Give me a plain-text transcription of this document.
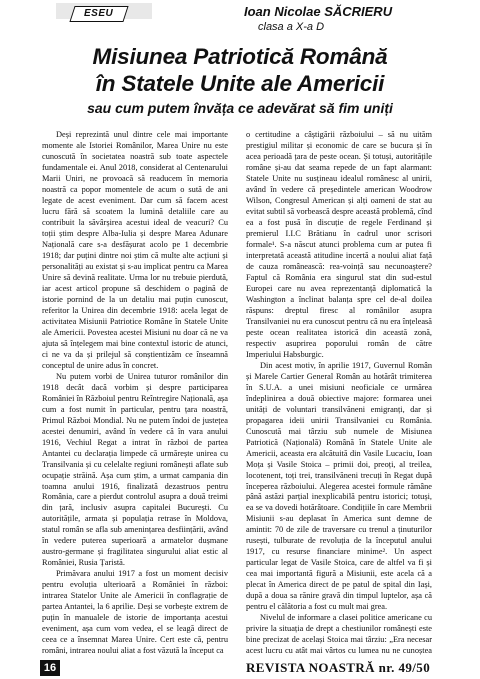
ESEU	Ioan Nicolae SĂCRIERU
clasa a X-a D
Misiunea Patriotică Română
în Statele Unite ale Americii
sau cum putem învăța ce adevărat să fim uniți

Deși reprezintă unul dintre cele mai importante momente ale Istoriei Românilor, Marea Unire nu este cunoscută în societatea noastră sub toate aspectele fundamentale ei. Anul 2018, considerat al Centenarului Marii Uniri, ne provoacă să readucem în memoria noastră ca popor momentele de acum o sută de ani legate de acest eveniment. Dar cum să facem acest lucru fără să scoatem la lumină detaliile care au contribuit la săvârșirea acestui ideal de veacuri? Cu toții știm despre Alba-Iulia și despre Marea Adunare Națională care s-a desfășurat acolo pe 1 decembrie 1918; dar puțini dintre noi știm că multe alte acțiuni și personalități au existat și s-au implicat pentru ca Marea Unire să devină realitate. Urma lor nu trebuie pierdută, iar acest articol propune să deschidem o pagină de istorie pornind de la un detaliu mai puțin cunoscut, referitor la Unirea din decembrie 1918: acela legat de activitatea Misiunii Patriotice Române în Statele Unite ale Americii. Povestea acestei Misiuni nu doar că ne va ajuta să înțelegem mai bine contextul istoric de atunci, ci ne va da și prilejul să conștientizăm ce înseamnă conceptul de unire adus în concret.

Nu putem vorbi de Unirea tuturor românilor din 1918 decât dacă vorbim și despre participarea României în Războiul pentru Reîntregire Națională, așa cum a fost numit în particular, pentru țara noastră, Primul Război Mondial. Nu ne putem îndoi de justețea acestei denumiri, având în vedere că în vara anului 1916, Vechiul Regat a intrat în război de partea Antantei cu declarația limpede că urmărește unirea cu Transilvania și cu celelalte regiuni românești aflate sub ocupație străină. Așa cum știm, a urmat campania din toamna anului 1916, finalizată dezastruos pentru România, care a pierdut controlul asupra a două treimi din țară, inclusiv asupra capitalei București. Cu autoritățile, armata și populația retrase în Moldova, statul român se afla sub amenințarea desființării, având în vedere puterea superioară a armatelor dușmane austro-germane și fragilitatea singurului aliat estic al României, Rusia Țaristă.

Primăvara anului 1917 a fost un moment decisiv pentru evoluția ulterioară a României în război: intrarea Statelor Unite ale Americii în conflagrație de partea Antantei, la 6 aprilie. Deși se vorbește extrem de puțin în manualele de istorie de importanța acestui eveniment, așa cum vom vedea, el se leagă direct de ceea ce a însemnat Marea Unire. Cert este că, pentru români, intrarea noului aliat a fost văzută la început ca

o certitudine a câștigării războiului – să nu uităm prestigiul militar și economic de care se bucura și în acea perioadă țara de peste ocean. Și totuși, autoritățile române și-au dat seama repede de un fapt alarmant: Statele Unite nu susțineau idealul românesc al unirii, având în vedere că președintele american Woodrow Wilson, Congresul American și alți oameni de stat au evitat subtil să vorbească despre această problemă, cînd ea a fost pusă în discuție de regele Ferdinand și premierul I.I.C Brătianu în cadrul unor scrisori formale¹. S-a născut atunci problema cum ar putea fi interpretată această atitudine incertă a noului aliat față de cauza românească: rea-voință sau necunoaștere? Faptul că România era singurul stat din sud-estul Europei care nu avea reprezentanță diplomatică la Washington a înclinat balanța spre cel de-al doilea răspuns: dreptul firesc al românilor asupra Transilvaniei nu era cunoscut pentru că nu era înțeleasă peste ocean realitatea istorică din această zonă, respectiv asuprirea poporului român de către Imperiului Habsburgic.

Din acest motiv, în aprilie 1917, Guvernul Român și Marele Cartier General Român au hotărât trimiterea în S.U.A. a unei misiuni neoficiale ce urmărea îndeplinirea a două obiective majore: formarea unei unități de voluntari transilvăneni emigranți, dar și propagarea ideii unirii Transilvaniei cu România. Cunoscută mai târziu sub numele de Misiunea Patriotică (Națională) Română în Statele Unite ale Americii, aceasta era alcătuită din Vasile Lucaciu, Ioan Moța și Vasile Stoica – primii doi, preoți, al treilea, locotenent, toți trei, transilvăneni trecuți în Regat după începerea războiului. Alegerea acestei formule rămâne până astăzi parțial inexplicabilă pentru istorici; totuși, ea se va dovedi hotărâtoare. Condițiile în care Membrii Misiunii s-au deplasat în America sunt demne de amintit: 70 de zile de traversare cu trenul a ținuturilor rusești, tulburate de revoluția de la începutul anului 1917, cu resurse financiare minime². Un aspect particular legat de Vasile Stoica, care de altfel va fi și cea mai importantă figură a Misiunii, este acela că a plecat în America direct de pe patul de spital din Iași, după a doua sa rănire gravă din timpul luptelor, așa că pentru el călătoria a fost cu mult mai grea.

Nivelul de informare a clasei politice americane cu privire la situația de drept a chestiunilor românești este bine precizat de același Stoica mai târziu: „Era necesar acest lucru cu atât mai vârtos cu lumea nu ne cunoștea

16	REVISTA NOASTRĂ nr. 49/50
